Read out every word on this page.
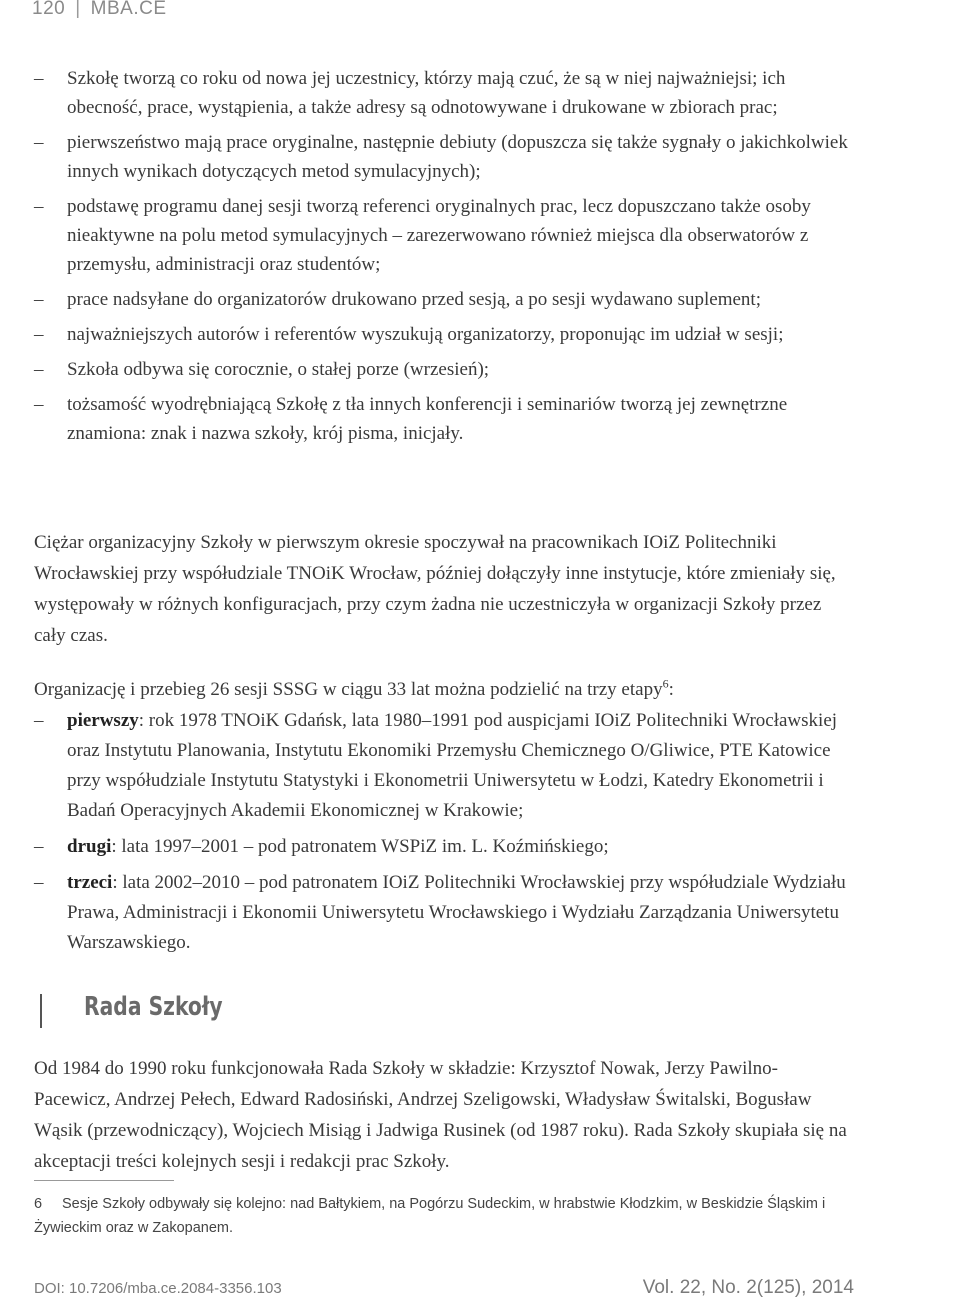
120 | MBA.CE
– Szkołę tworzą co roku od nowa jej uczestnicy, którzy mają czuć, że są w niej najważniejsi; ich obecność, prace, wystąpienia, a także adresy są odnotowywane i drukowane w zbiorach prac;
– pierwszeństwo mają prace oryginalne, następnie debiuty (dopuszcza się także sygnały o jakichkolwiek innych wynikach dotyczących metod symulacyjnych);
– podstawę programu danej sesji tworzą referenci oryginalnych prac, lecz dopuszczano także osoby nieaktywne na polu metod symulacyjnych – zarezerwowano również miejsca dla obserwatorów z przemysłu, administracji oraz studentów;
– prace nadsyłane do organizatorów drukowano przed sesją, a po sesji wydawano suplement;
– najważniejszych autorów i referentów wyszukują organizatorzy, proponując im udział w sesji;
– Szkoła odbywa się corocznie, o stałej porze (wrzesień);
– tożsamość wyodrębniającą Szkołę z tła innych konferencji i seminariów tworzą jej zewnętrzne znamiona: znak i nazwa szkoły, krój pisma, inicjały.

Ciężar organizacyjny Szkoły w pierwszym okresie spoczywał na pracownikach IOiZ Politechniki Wrocławskiej przy współudziale TNOiK Wrocław, później dołączyły inne instytucje, które zmieniały się, występowały w różnych konfiguracjach, przy czym żadna nie uczestniczyła w organizacji Szkoły przez cały czas.

Organizację i przebieg 26 sesji SSSG w ciągu 33 lat można podzielić na trzy etapy$^6$:

– pierwszy: rok 1978 TNOiK Gdańsk, lata 1980–1991 pod auspicjami IOiZ Politechniki Wrocławskiej oraz Instytutu Planowania, Instytutu Ekonomiki Przemysłu Chemicznego O/Gliwice, PTE Katowice przy współudziale Instytutu Statystyki i Ekonometrii Uniwersytetu w Łodzi, Katedry Ekonometrii i Badań Operacyjnych Akademii Ekonomicznej w Krakowie;
– drugi: lata 1997–2001 – pod patronatem WSPiZ im. L. Koźmińskiego;
– trzeci: lata 2002–2010 – pod patronatem IOiZ Politechniki Wrocławskiej przy współudziale Wydziału Prawa, Administracji i Ekonomii Uniwersytetu Wrocławskiego i Wydziału Zarządzania Uniwersytetu Warszawskiego.
Rada Szkoły

Od 1984 do 1990 roku funkcjonowała Rada Szkoły w składzie: Krzysztof Nowak, Jerzy Pawilno-Pacewicz, Andrzej Pełech, Edward Radosiński, Andrzej Szeligowski, Władysław Świtalski, Bogusław Wąsik (przewodniczący), Wojciech Misiąg i Jadwiga Rusinek (od 1987 roku). Rada Szkoły skupiała się na akceptacji treści kolejnych sesji i redakcji prac Szkoły.

6 Sesje Szkoły odbywały się kolejno: nad Bałtykiem, na Pogórzu Sudeckim, w hrabstwie Kłodzkim, w Beskidzie Śląskim i Żywieckim oraz w Zakopanem.
DOI: 10.7206/mba.ce.2084-3356.103	Vol. 22, No. 2(125), 2014
